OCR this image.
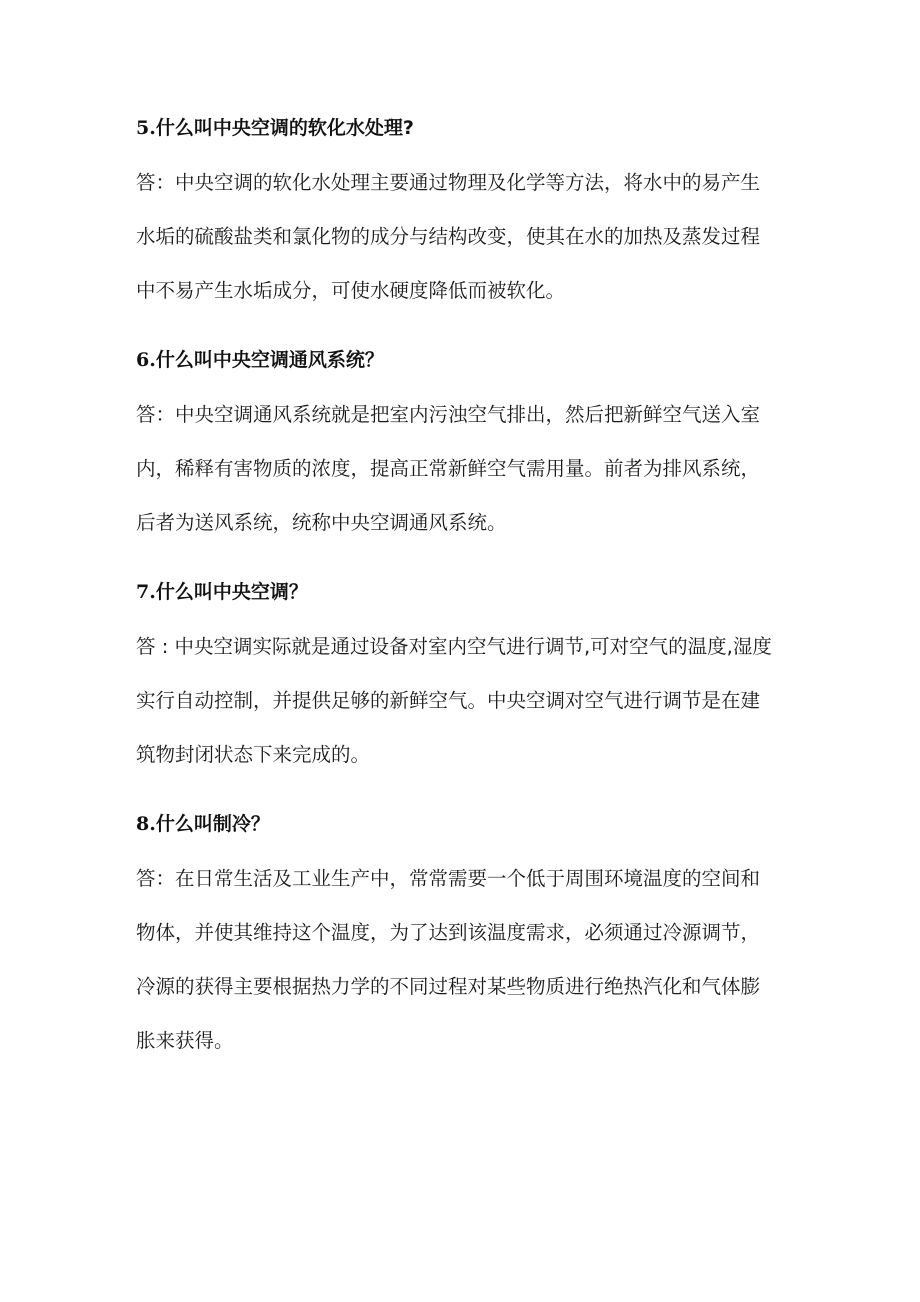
5.什么叫中央空调的软化水处理?
答：中央空调的软化水处理主要通过物理及化学等方法，将水中的易产生
水垢的硫酸盐类和氯化物的成分与结构改变，使其在水的加热及蒸发过程
中不易产生水垢成分，可使水硬度降低而被软化。
6.什么叫中央空调通风系统？
答：中央空调通风系统就是把室内污浊空气排出，然后把新鲜空气送入室
内，稀释有害物质的浓度，提高正常新鲜空气需用量。前者为排风系统，
后者为送风系统，统称中央空调通风系统。
7.什么叫中央空调？
答 : 中央空调实际就是通过设备对室内空气进行调节,可对空气的温度,湿度
实行自动控制，并提供足够的新鲜空气。中央空调对空气进行调节是在建
筑物封闭状态下来完成的。
8.什么叫制冷？
答：在日常生活及工业生产中，常常需要一个低于周围环境温度的空间和
物体，并使其维持这个温度，为了达到该温度需求，必须通过冷源调节，
冷源的获得主要根据热力学的不同过程对某些物质进行绝热汽化和气体膨
胀来获得。
